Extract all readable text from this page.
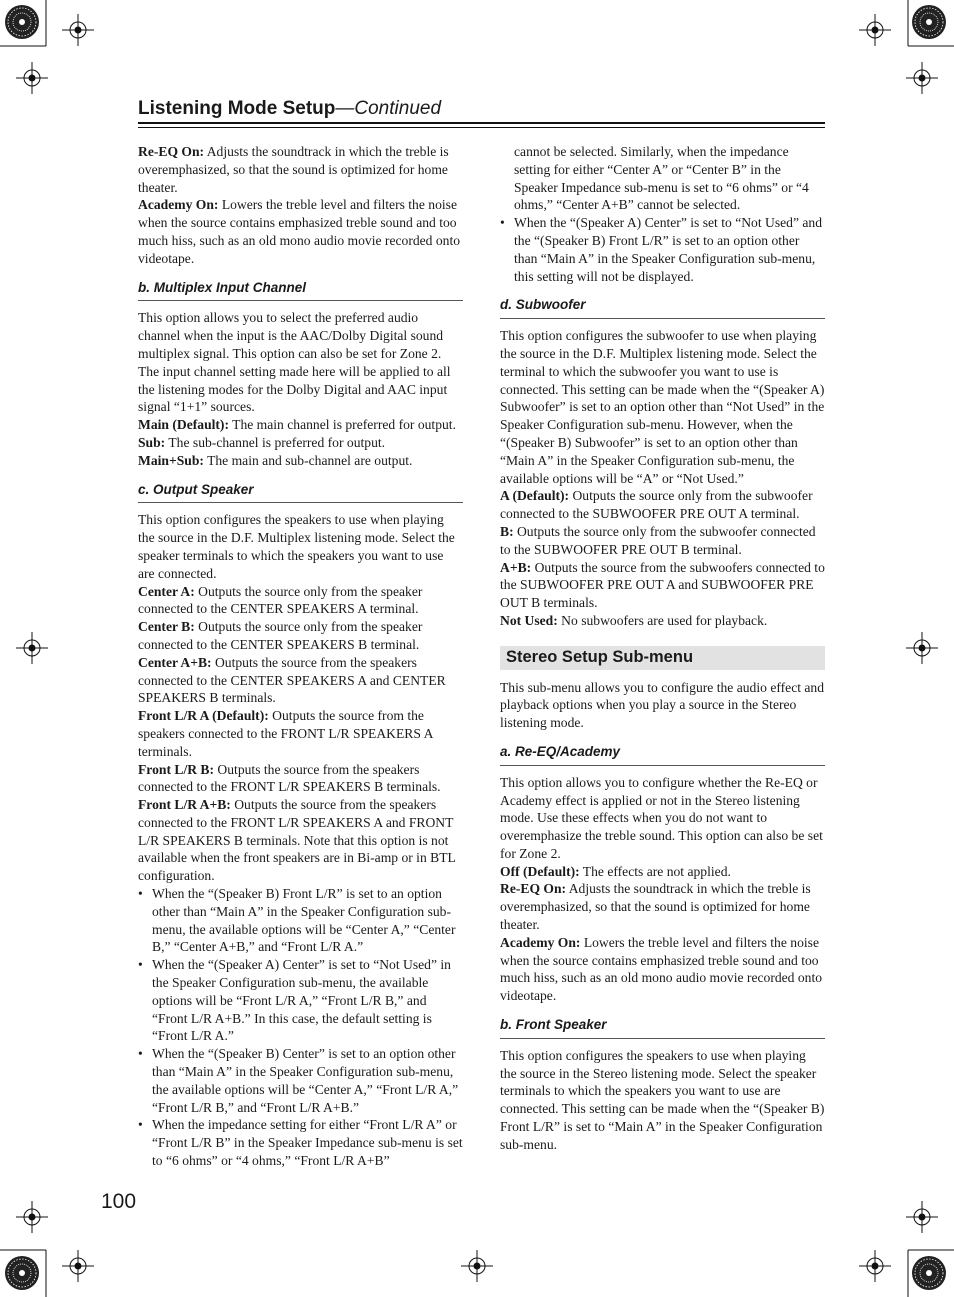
Listening Mode Setup—Continued

Re-EQ On: Adjusts the soundtrack in which the treble is overemphasized, so that the sound is optimized for home theater.

Academy On: Lowers the treble level and filters the noise when the source contains emphasized treble sound and too much hiss, such as an old mono audio movie recorded onto videotape.

b. Multiplex Input Channel

This option allows you to select the preferred audio channel when the input is the AAC/Dolby Digital sound multiplex signal. This option can also be set for Zone 2. The input channel setting made here will be applied to all the listening modes for the Dolby Digital and AAC input signal “1+1” sources.

Main (Default): The main channel is preferred for output.

Sub: The sub-channel is preferred for output.

Main+Sub: The main and sub-channel are output.

c. Output Speaker

This option configures the speakers to use when playing the source in the D.F. Multiplex listening mode. Select the speaker terminals to which the speakers you want to use are connected.

Center A: Outputs the source only from the speaker connected to the CENTER SPEAKERS A terminal.

Center B: Outputs the source only from the speaker connected to the CENTER SPEAKERS B terminal.

Center A+B: Outputs the source from the speakers connected to the CENTER SPEAKERS A and CENTER SPEAKERS B terminals.

Front L/R A (Default): Outputs the source from the speakers connected to the FRONT L/R SPEAKERS A terminals.

Front L/R B: Outputs the source from the speakers connected to the FRONT L/R SPEAKERS B terminals.

Front L/R A+B: Outputs the source from the speakers connected to the FRONT L/R SPEAKERS A and FRONT L/R SPEAKERS B terminals. Note that this option is not available when the front speakers are in Bi-amp or in BTL configuration.

• When the “(Speaker B) Front L/R” is set to an option other than “Main A” in the Speaker Configuration sub-menu, the available options will be “Center A,” “Center B,” “Center A+B,” and “Front L/R A.”
• When the “(Speaker A) Center” is set to “Not Used” in the Speaker Configuration sub-menu, the available options will be “Front L/R A,” “Front L/R B,” and “Front L/R A+B.” In this case, the default setting is “Front L/R A.”
• When the “(Speaker B) Center” is set to an option other than “Main A” in the Speaker Configuration sub-menu, the available options will be “Center A,” “Front L/R A,” “Front L/R B,” and “Front L/R A+B.”
• When the impedance setting for either “Front L/R A” or “Front L/R B” in the Speaker Impedance sub-menu is set to “6 ohms” or “4 ohms,” “Front L/R A+B”

cannot be selected. Similarly, when the impedance setting for either “Center A” or “Center B” in the Speaker Impedance sub-menu is set to “6 ohms” or “4 ohms,” “Center A+B” cannot be selected.

• When the “(Speaker A) Center” is set to “Not Used” and the “(Speaker B) Front L/R” is set to an option other than “Main A” in the Speaker Configuration sub-menu, this setting will not be displayed.
d. Subwoofer

This option configures the subwoofer to use when playing the source in the D.F. Multiplex listening mode. Select the terminal to which the subwoofer you want to use is connected. This setting can be made when the “(Speaker A) Subwoofer” is set to an option other than “Not Used” in the Speaker Configuration sub-menu. However, when the “(Speaker B) Subwoofer” is set to an option other than “Main A” in the Speaker Configuration sub-menu, the available options will be “A” or “Not Used.”

A (Default): Outputs the source only from the subwoofer connected to the SUBWOOFER PRE OUT A terminal.

B: Outputs the source only from the subwoofer connected to the SUBWOOFER PRE OUT B terminal.

A+B: Outputs the source from the subwoofers connected to the SUBWOOFER PRE OUT A and SUBWOOFER PRE OUT B terminals.

Not Used: No subwoofers are used for playback.

Stereo Setup Sub-menu

This sub-menu allows you to configure the audio effect and playback options when you play a source in the Stereo listening mode.

a. Re-EQ/Academy

This option allows you to configure whether the Re-EQ or Academy effect is applied or not in the Stereo listening mode. Use these effects when you do not want to overemphasize the treble sound. This option can also be set for Zone 2.

Off (Default): The effects are not applied.

Re-EQ On: Adjusts the soundtrack in which the treble is overemphasized, so that the sound is optimized for home theater.

Academy On: Lowers the treble level and filters the noise when the source contains emphasized treble sound and too much hiss, such as an old mono audio movie recorded onto videotape.

b. Front Speaker

This option configures the speakers to use when playing the source in the Stereo listening mode. Select the speaker terminals to which the speakers you want to use are connected. This setting can be made when the “(Speaker B) Front L/R” is set to “Main A” in the Speaker Configuration sub-menu.

100
